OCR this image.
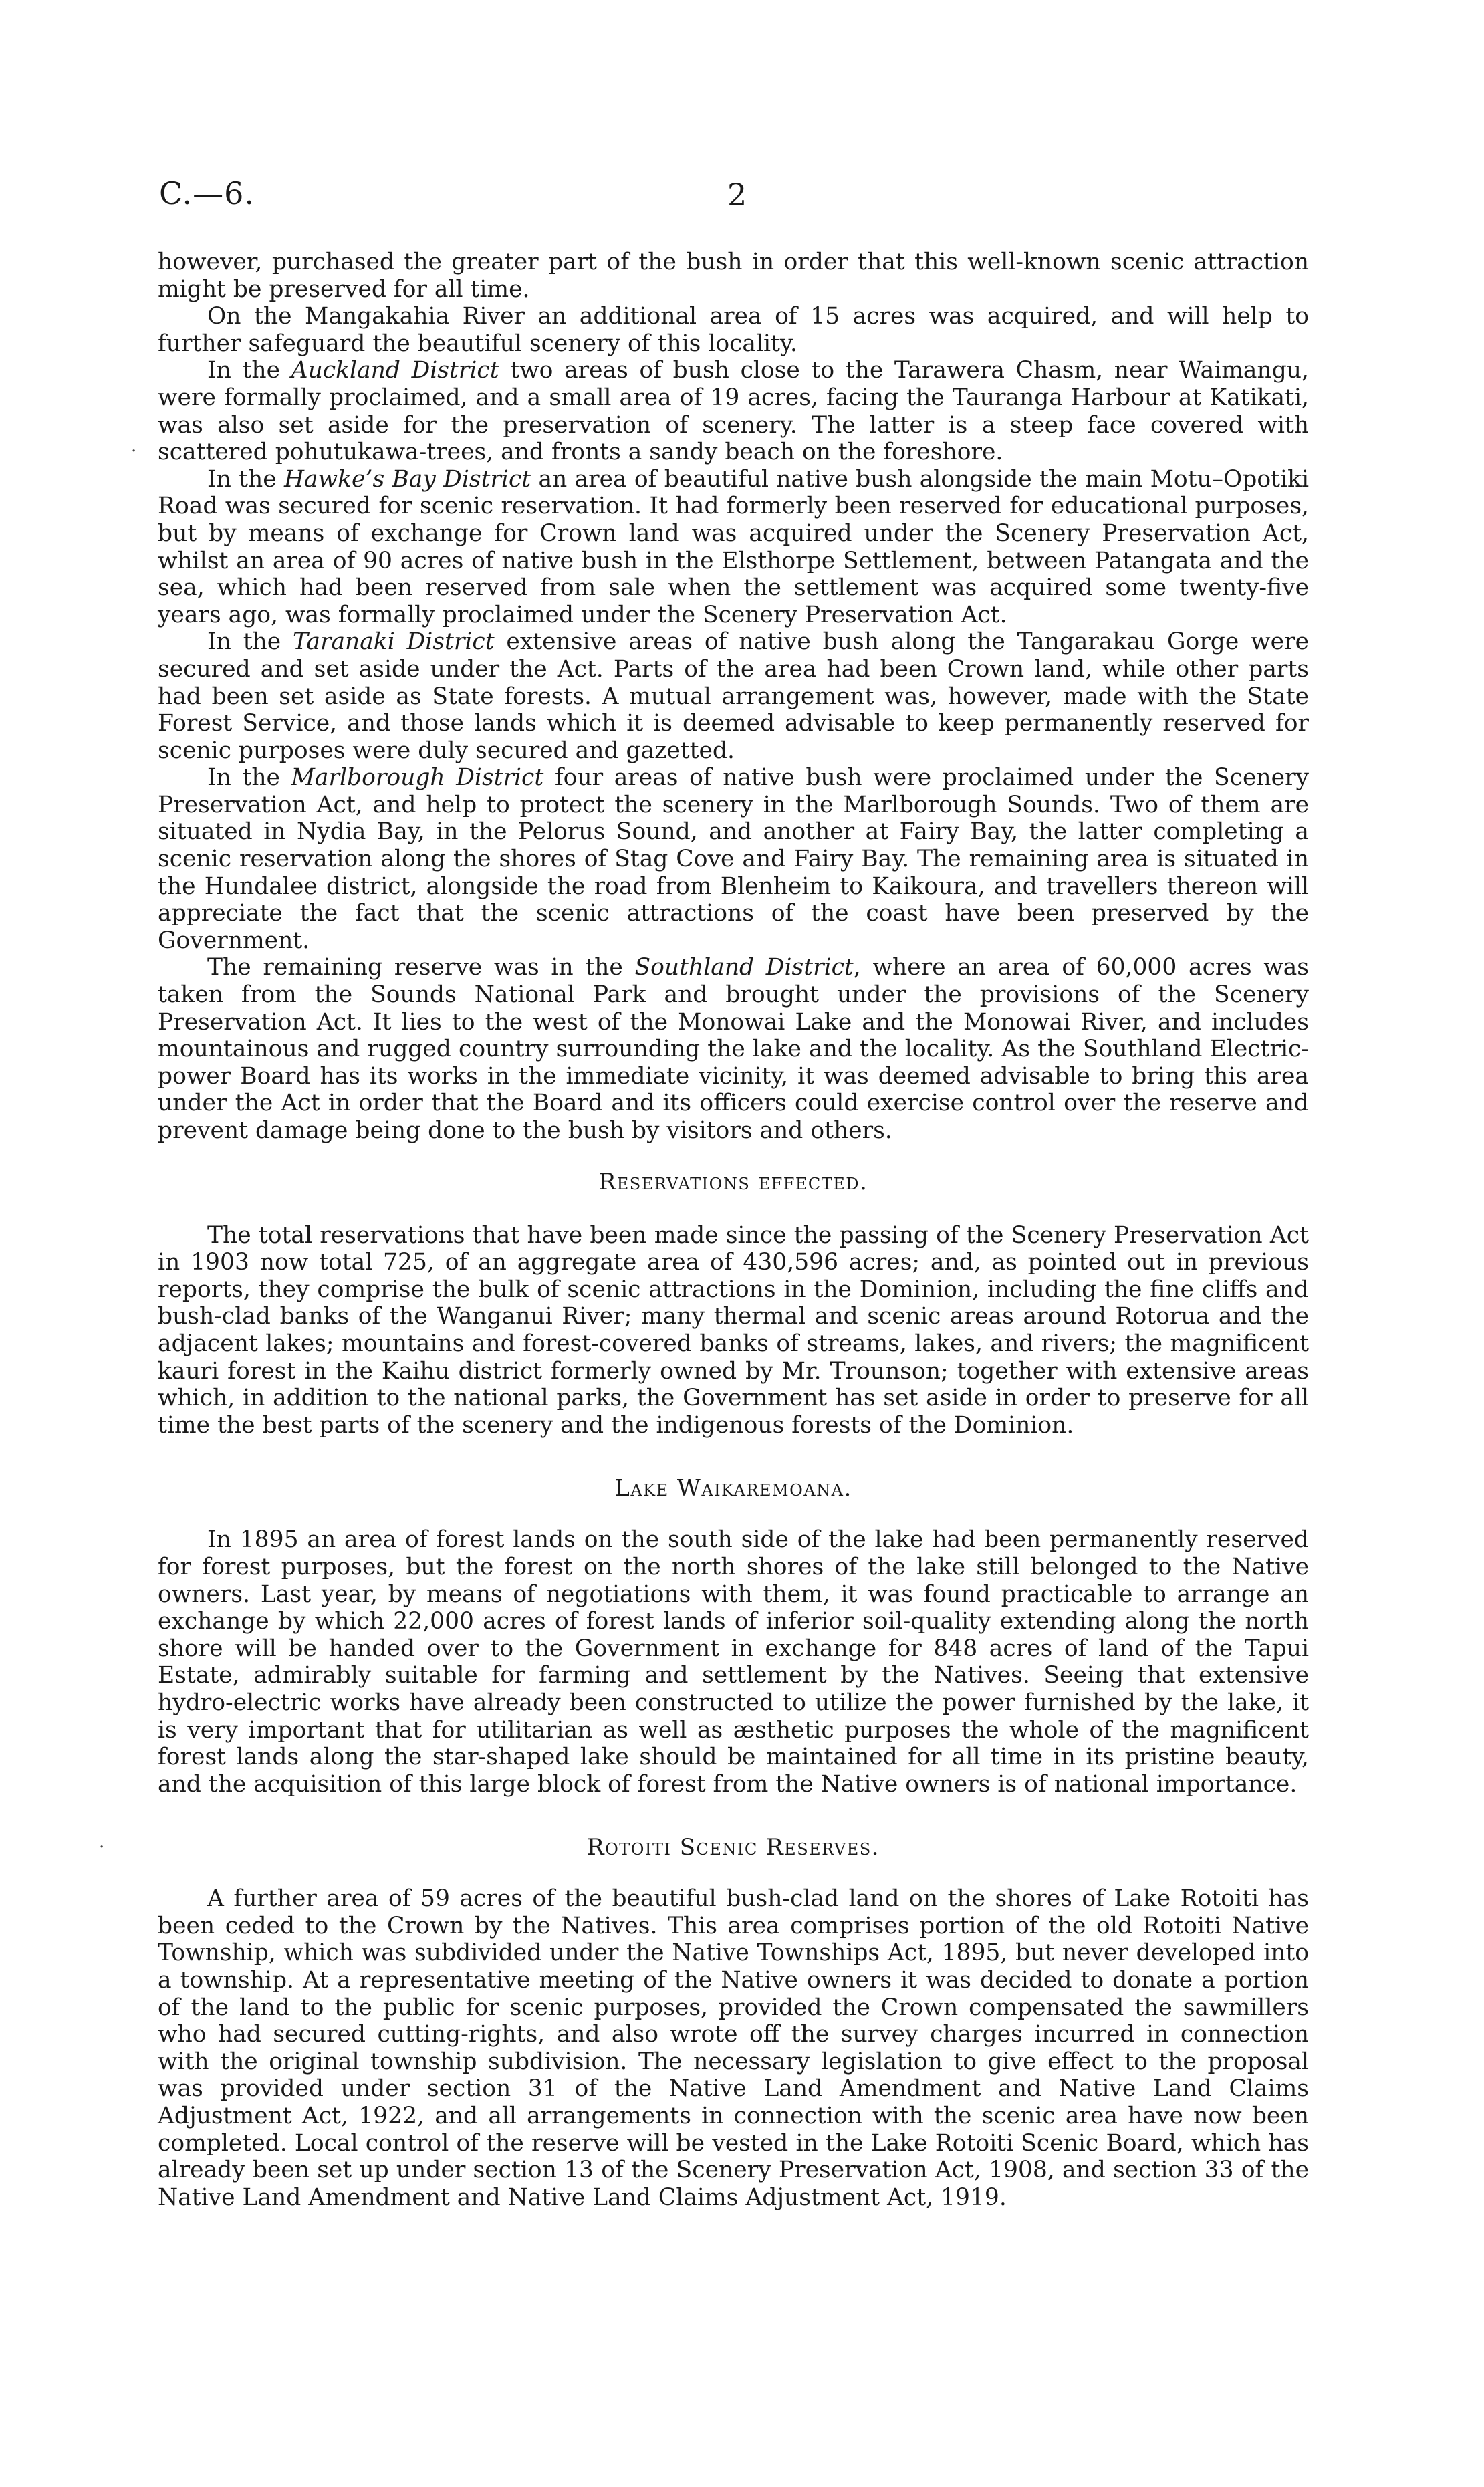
C.—6.	2
.
.

however, purchased the greater part of the bush in order that this well-known scenic attraction might be preserved for all time.

On the Mangakahia River an additional area of 15 acres was acquired, and will help to further safeguard the beautiful scenery of this locality.

In the Auckland District two areas of bush close to the Tarawera Chasm, near Waimangu, were formally proclaimed, and a small area of 19 acres, facing the Tauranga Harbour at Katikati, was also set aside for the preservation of scenery. The latter is a steep face covered with scattered pohutukawa-trees, and fronts a sandy beach on the foreshore.

In the Hawke’s Bay District an area of beautiful native bush alongside the main Motu–Opotiki Road was secured for scenic reservation. It had formerly been reserved for educational purposes, but by means of exchange for Crown land was acquired under the Scenery Preservation Act, whilst an area of 90 acres of native bush in the Elsthorpe Settlement, between Patangata and the sea, which had been reserved from sale when the settlement was acquired some twenty-five years ago, was formally proclaimed under the Scenery Preservation Act.

In the Taranaki District extensive areas of native bush along the Tangarakau Gorge were secured and set aside under the Act. Parts of the area had been Crown land, while other parts had been set aside as State forests. A mutual arrangement was, however, made with the State Forest Service, and those lands which it is deemed advisable to keep permanently reserved for scenic purposes were duly secured and gazetted.

In the Marlborough District four areas of native bush were proclaimed under the Scenery Preservation Act, and help to protect the scenery in the Marlborough Sounds. Two of them are situated in Nydia Bay, in the Pelorus Sound, and another at Fairy Bay, the latter completing a scenic reservation along the shores of Stag Cove and Fairy Bay. The remaining area is situated in the Hundalee district, alongside the road from Blenheim to Kaikoura, and travellers thereon will appreciate the fact that the scenic attractions of the coast have been preserved by the Government.

The remaining reserve was in the Southland District, where an area of 60,000 acres was taken from the Sounds National Park and brought under the provisions of the Scenery Preservation Act. It lies to the west of the Monowai Lake and the Monowai River, and includes mountainous and rugged country surrounding the lake and the locality. As the Southland Electric-power Board has its works in the immediate vicinity, it was deemed advisable to bring this area under the Act in order that the Board and its officers could exercise control over the reserve and prevent damage being done to the bush by visitors and others.

Reservations effected.

The total reservations that have been made since the passing of the Scenery Preservation Act in 1903 now total 725, of an aggregate area of 430,596 acres; and, as pointed out in previous reports, they comprise the bulk of scenic attractions in the Dominion, including the fine cliffs and bush-clad banks of the Wanganui River; many thermal and scenic areas around Rotorua and the adjacent lakes; mountains and forest-covered banks of streams, lakes, and rivers; the magnificent kauri forest in the Kaihu district formerly owned by Mr. Trounson; together with extensive areas which, in addition to the national parks, the Government has set aside in order to preserve for all time the best parts of the scenery and the indigenous forests of the Dominion.

Lake Waikaremoana.

In 1895 an area of forest lands on the south side of the lake had been permanently reserved for forest purposes, but the forest on the north shores of the lake still belonged to the Native owners. Last year, by means of negotiations with them, it was found practicable to arrange an exchange by which 22,000 acres of forest lands of inferior soil-quality extending along the north shore will be handed over to the Government in exchange for 848 acres of land of the Tapui Estate, admirably suitable for farming and settlement by the Natives. Seeing that extensive hydro-electric works have already been constructed to utilize the power furnished by the lake, it is very important that for utilitarian as well as æsthetic purposes the whole of the magnificent forest lands along the star-shaped lake should be maintained for all time in its pristine beauty, and the acquisition of this large block of forest from the Native owners is of national importance.

Rotoiti Scenic Reserves.

A further area of 59 acres of the beautiful bush-clad land on the shores of Lake Rotoiti has been ceded to the Crown by the Natives. This area comprises portion of the old Rotoiti Native Township, which was subdivided under the Native Townships Act, 1895, but never developed into a township. At a representative meeting of the Native owners it was decided to donate a portion of the land to the public for scenic purposes, provided the Crown compensated the sawmillers who had secured cutting-rights, and also wrote off the survey charges incurred in connection with the original township subdivision. The necessary legislation to give effect to the proposal was provided under section 31 of the Native Land Amendment and Native Land Claims Adjustment Act, 1922, and all arrangements in connection with the scenic area have now been completed. Local control of the reserve will be vested in the Lake Rotoiti Scenic Board, which has already been set up under section 13 of the Scenery Preservation Act, 1908, and section 33 of the Native Land Amendment and Native Land Claims Adjustment Act, 1919.
